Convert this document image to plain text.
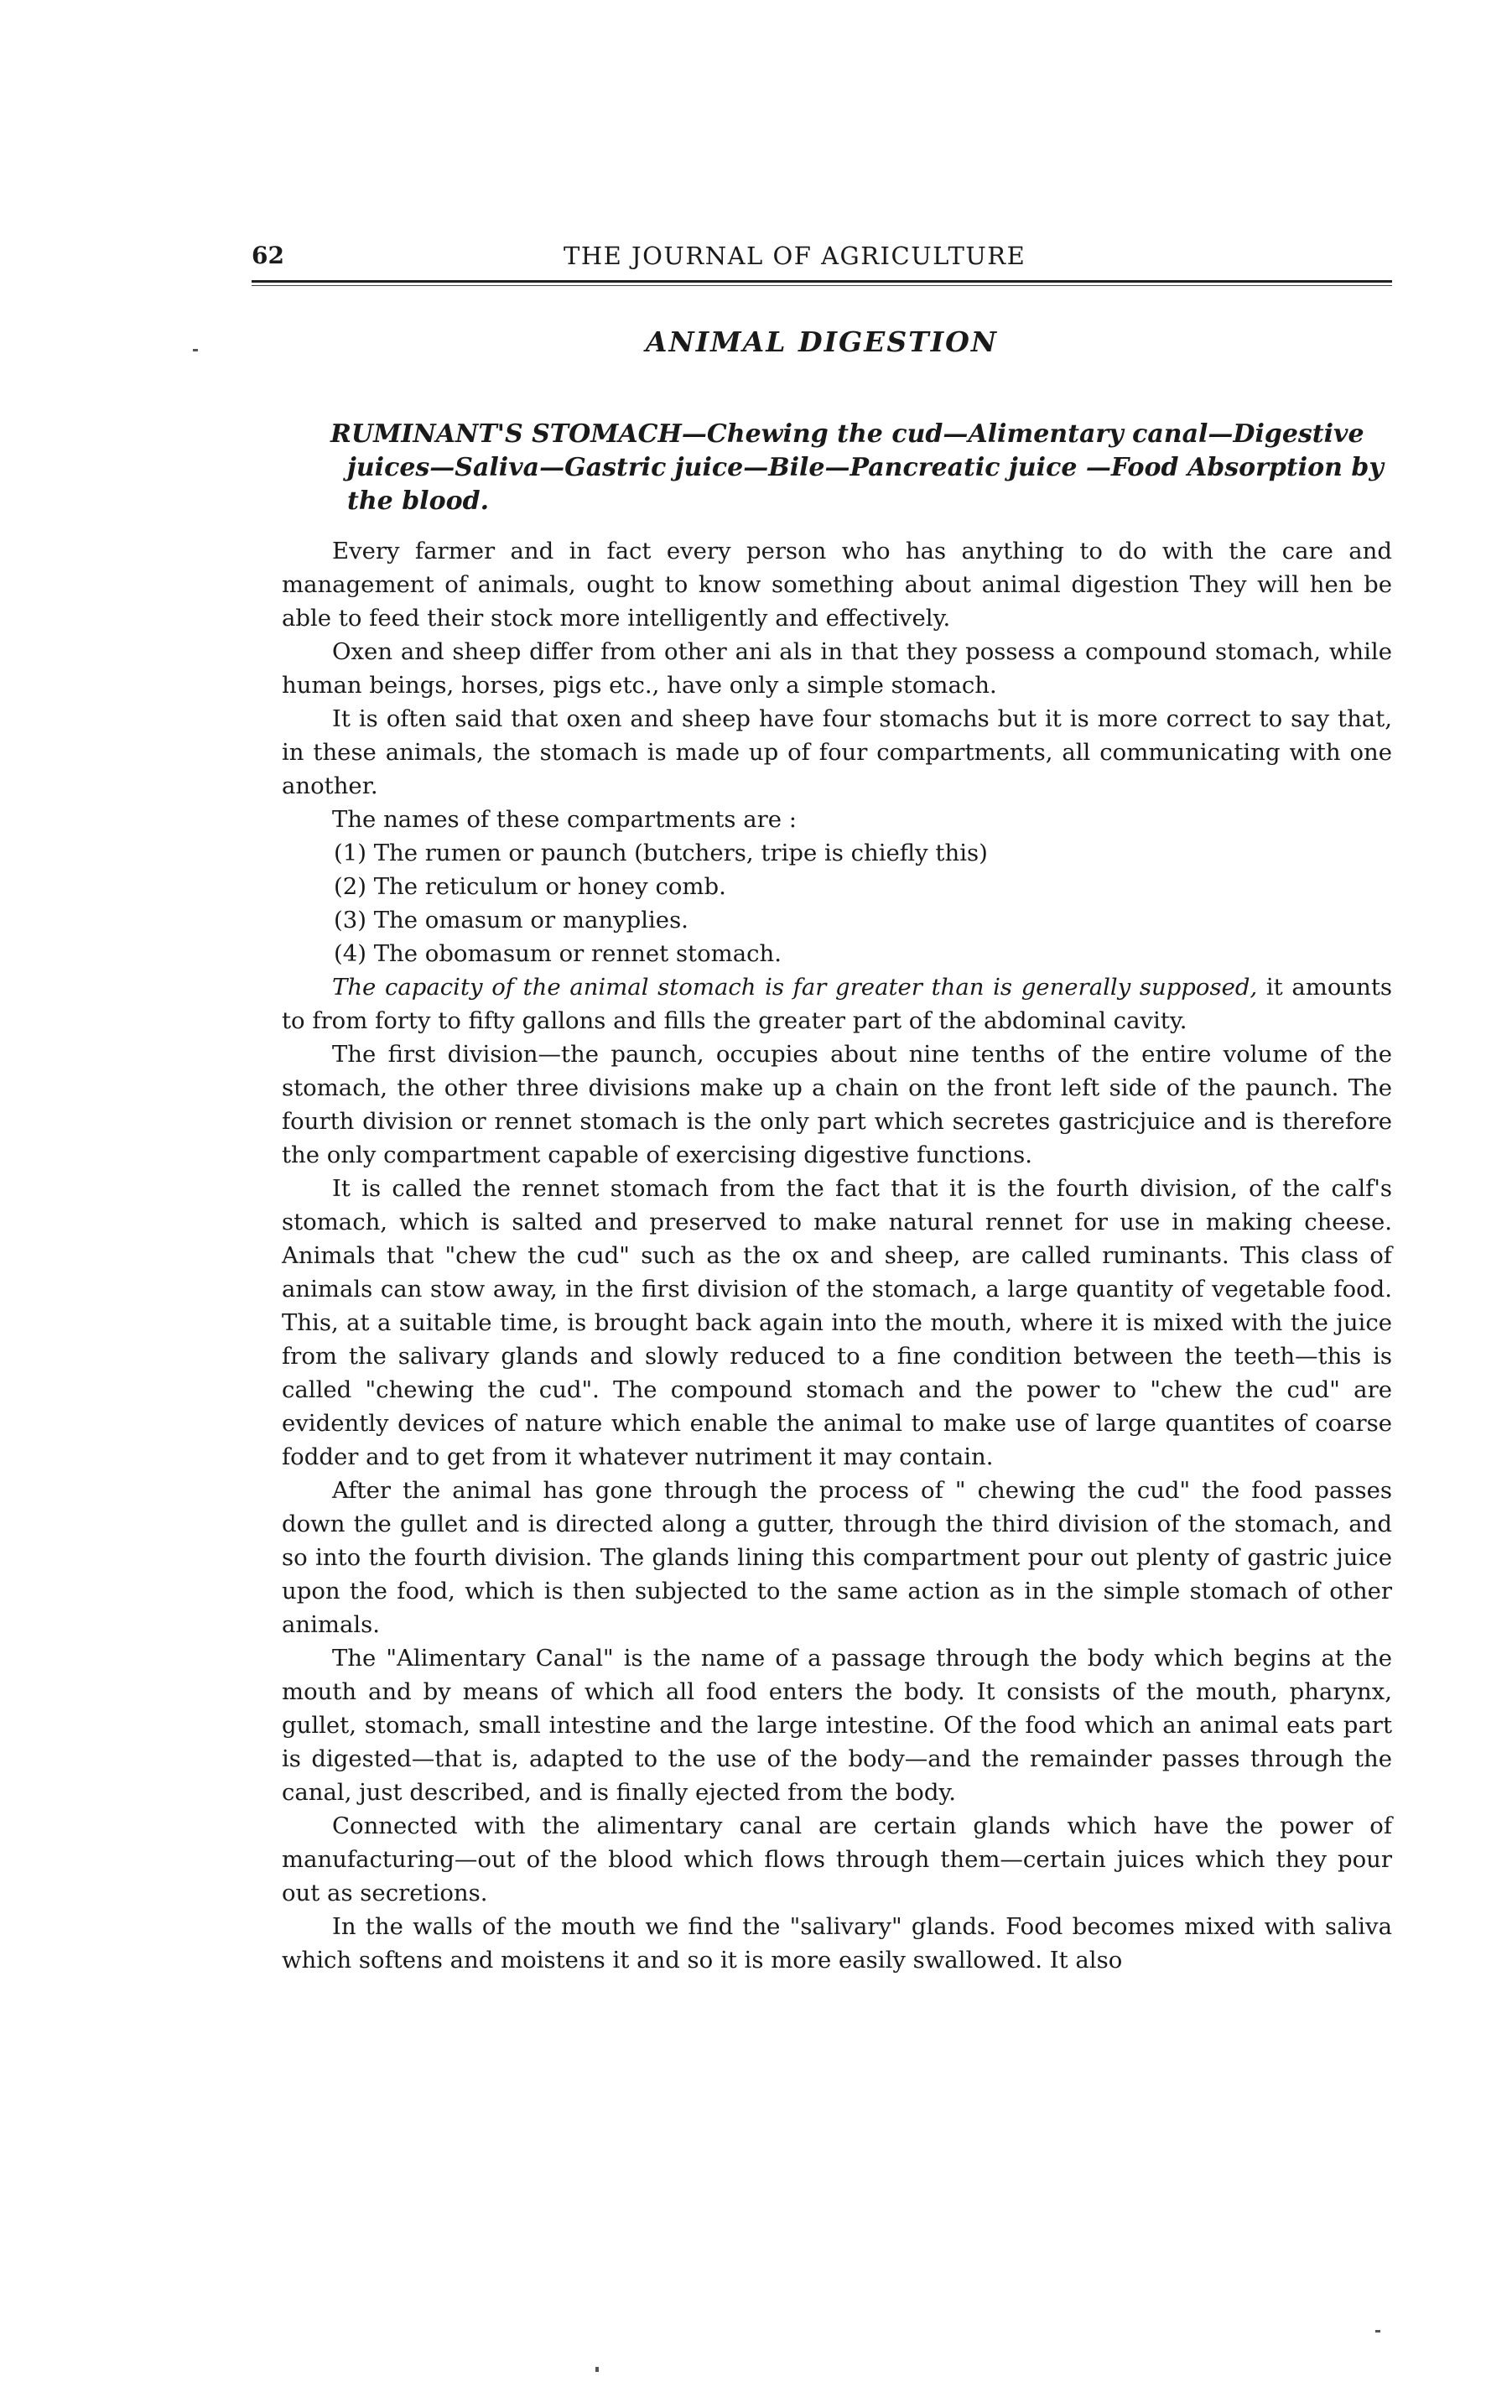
62	THE JOURNAL OF AGRICULTURE
ANIMAL DIGESTION
RUMINANT'S STOMACH—Chewing the cud—Alimentary canal—Digestive juices—Saliva—Gastric juice—Bile—Pancreatic juice —Food Absorption by the blood.

Every farmer and in fact every person who has anything to do with the care and management of animals, ought to know something about animal digestion They will hen be able to feed their stock more intelligently and effectively.

Oxen and sheep differ from other ani als in that they possess a compound stomach, while human beings, horses, pigs etc., have only a simple stomach.

It is often said that oxen and sheep have four stomachs but it is more correct to say that, in these animals, the stomach is made up of four compartments, all communicating with one another.

The names of these compartments are :

(1) The rumen or paunch (butchers, tripe is chiefly this)

(2) The reticulum or honey comb.

(3) The omasum or manyplies.

(4) The obomasum or rennet stomach.

The capacity of the animal stomach is far greater than is generally supposed, it amounts to from forty to fifty gallons and fills the greater part of the abdominal cavity.

The first division—the paunch, occupies about nine tenths of the entire volume of the stomach, the other three divisions make up a chain on the front left side of the paunch. The fourth division or rennet stomach is the only part which secretes gastricjuice and is therefore the only compartment capable of exercising digestive functions.

It is called the rennet stomach from the fact that it is the fourth division, of the calf's stomach, which is salted and preserved to make natural rennet for use in making cheese. Animals that "chew the cud" such as the ox and sheep, are called ruminants. This class of animals can stow away, in the first division of the stomach, a large quantity of vegetable food. This, at a suitable time, is brought back again into the mouth, where it is mixed with the juice from the salivary glands and slowly reduced to a fine condition between the teeth—this is called "chewing the cud". The compound stomach and the power to "chew the cud" are evidently devices of nature which enable the animal to make use of large quantites of coarse fodder and to get from it whatever nutriment it may contain.

After the animal has gone through the process of " chewing the cud" the food passes down the gullet and is directed along a gutter, through the third division of the stomach, and so into the fourth division. The glands lining this compartment pour out plenty of gastric juice upon the food, which is then subjected to the same action as in the simple stomach of other animals.

The "Alimentary Canal" is the name of a passage through the body which begins at the mouth and by means of which all food enters the body. It consists of the mouth, pharynx, gullet, stomach, small intestine and the large intestine. Of the food which an animal eats part is digested—that is, adapted to the use of the body—and the remainder passes through the canal, just described, and is finally ejected from the body.

Connected with the alimentary canal are certain glands which have the power of manufacturing—out of the blood which flows through them—certain juices which they pour out as secretions.

In the walls of the mouth we find the "salivary" glands. Food becomes mixed with saliva which softens and moistens it and so it is more easily swallowed. It also
